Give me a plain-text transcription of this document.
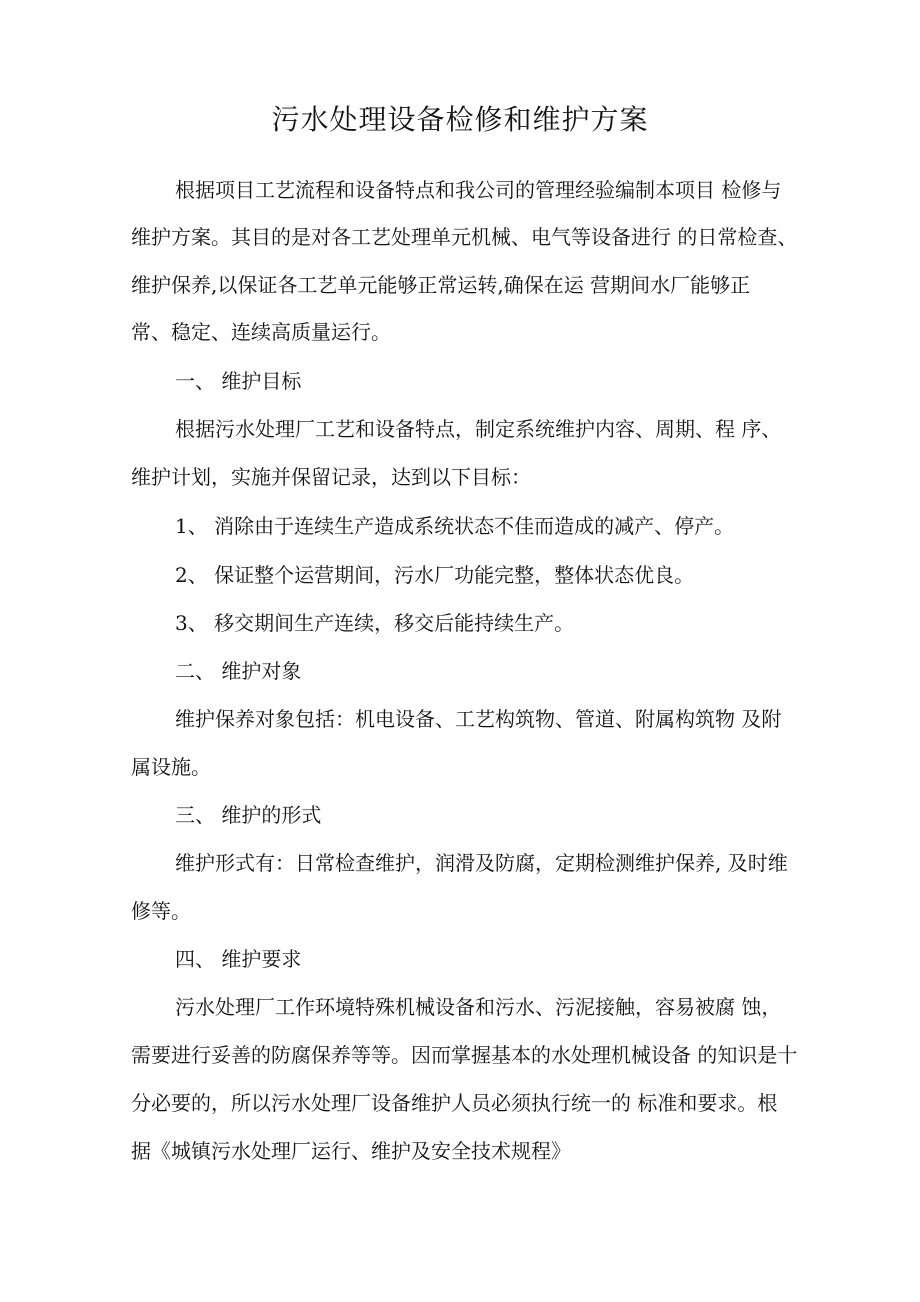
污水处理设备检修和维护方案
根据项目工艺流程和设备特点和我公司的管理经验编制本项目 检修与
维护方案。其目的是对各工艺处理单元机械、电气等设备进行 的日常检查、
维护保养,以保证各工艺单元能够正常运转,确保在运 营期间水厂能够正
常、稳定、连续高质量运行。
一、 维护目标
根据污水处理厂工艺和设备特点，制定系统维护内容、周期、程 序、
维护计划，实施并保留记录，达到以下目标：
1、 消除由于连续生产造成系统状态不佳而造成的减产、停产。
2、 保证整个运营期间，污水厂功能完整，整体状态优良。
3、 移交期间生产连续，移交后能持续生产。
二、 维护对象
维护保养对象包括：机电设备、工艺构筑物、管道、附属构筑物 及附
属设施。
三、 维护的形式
维护形式有：日常检查维护，润滑及防腐，定期检测维护保养, 及时维
修等。
四、 维护要求
污水处理厂工作环境特殊机械设备和污水、污泥接触，容易被腐 蚀，
需要进行妥善的防腐保养等等。因而掌握基本的水处理机械设备 的知识是十
分必要的，所以污水处理厂设备维护人员必须执行统一的 标准和要求。根
据《城镇污水处理厂运行、维护及安全技术规程》
